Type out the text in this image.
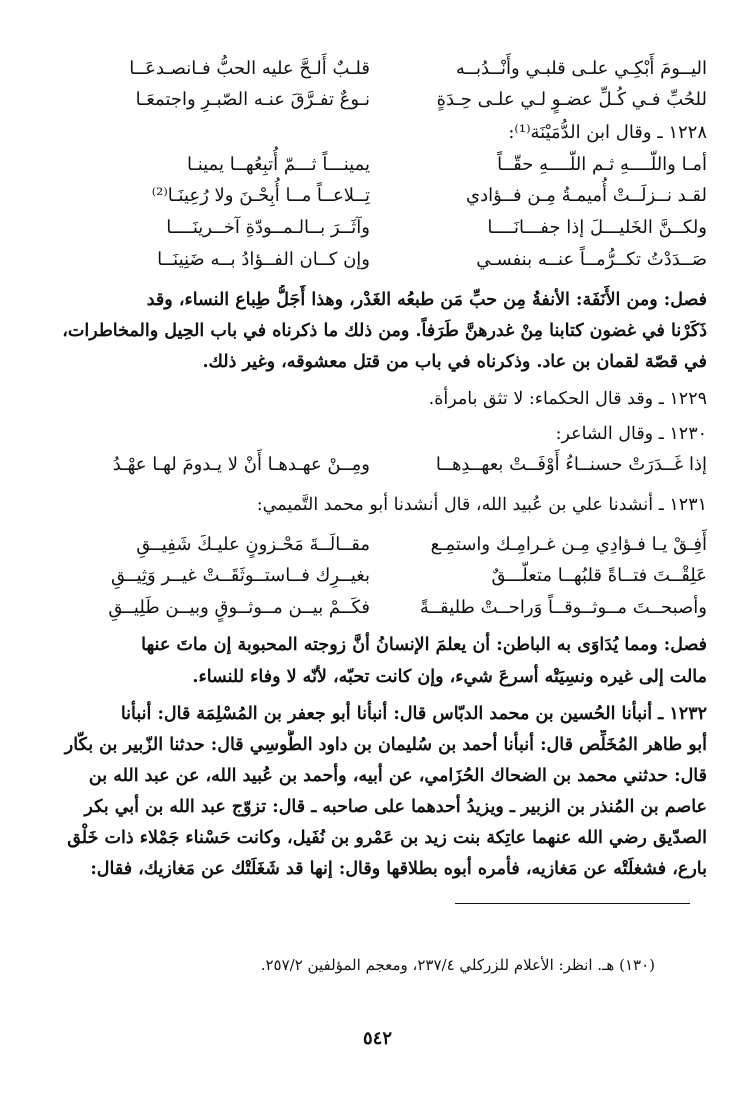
اليــومَ أَبْكِـي علـى قلبـي وأَنْــدُبــه
قلـبٌ أَلـحَّ عليه الحبُّ فـانصـدعَــا
للحُبِّ فـي كُـلِّ عضـوٍ لـي علـى حِـدَةٍ
نـوعٌ تفـرَّقَ عنـه الصّبـرِ واجتمعَـا
١٢٢٨ ـ وقال ابن الدُّمَيْنَة⁽¹⁾:
أمـا واللّــــهِ ثـم اللّــــهِ حقّــاً
يمينـــاً ثـــمّ أُتبِعُهــا يمينـا
لقـد نــزلَــتْ أُميمـةُ مِـن فــؤادي
تِــلاعــاً مــا أُبِحْـنَ ولا رُعِينَـا⁽²⁾
ولكــنَّ الخَليـــلَ إذا جفـــانَــــا
وآثَــرَ بــالـمــودّةِ آخــرينَــــا
صَــدَدْتُ تكــرُّمــاً عنــه بنفسـي
وإن كــان الفــؤادُ بــه ضَنِينَــا
فصل: ومن الأَنَفَة: الأنفةُ مِن حبِّ مَن طبعُه الغَدْر، وهذا أَجَلُّ طِباع النساء، وقد
ذَكَرْنا في غضون كتابنا مِنْ غدرهنَّ طَرَفاً. ومن ذلك ما ذكرناه في باب الحِيل والمخاطرات،
في قصّة لقمان بن عاد. وذكرناه في باب من قتل معشوقه، وغير ذلك.
١٢٢٩ ـ وقد قال الحكماء: لا تثق بامرأة.
١٢٣٠ ـ وقال الشاعر:
إذا غَــدَرَتْ حسنــاءُ أَوْفَــتْ بعهــدِهــا
ومِــنْ عهـدهـا أَنْ لا يـدومَ لهـا عهْـدُ
١٢٣١ ـ أنشدنا علي بن عُبيد الله، قال أنشدنا أبو محمد التَّميمي:
أَفِـقْ يـا فـؤادِي مِـن غـرامِـك واستمِـع
مقــالَــةَ مَحْـزونٍ عليـكَ شَفِيــقِ
عَلِقْــتَ فتــاةً قلبُهــا متعلّـــقٌ
بغيــرِك فــاستــوثَقَــتْ غيــر وَثِيــقِ
وأصبحــتَ مــوثــوقــاً وَراحــتْ طليقــةً
فكَــمْ بيــن مــوثــوقٍ وبيــن طَلِيــقِ
فصل: ومما يُدَاوَى به الباطن: أن يعلمَ الإنسانُ أنَّ زوجته المحبوبة إن ماتَ عنها
مالت إلى غيره ونسِيَتْه أسرعَ شيء، وإن كانت تحبّه، لأنّه لا وفاء للنساء.
١٢٣٢ ـ أنبأنا الحُسين بن محمد الدبّاس قال: أنبأنا أبو جعفر بن المُسْلِمَة قال: أنبأنا
أبو طاهر المُخَلِّص قال: أنبأنا أحمد بن سُليمان بن داود الطُّوسِي قال: حدثنا الزّبير بن بكّار
قال: حدثني محمد بن الضحاك الحُزَامي، عن أبيه، وأحمد بن عُبيد الله، عن عبد الله بن
عاصم بن المُنذر بن الزبير ـ ويزيدُ أحدهما على صاحبه ـ قال: تزوّج عبد الله بن أبي بكر
الصدّيق رضي الله عنهما عاتِكة بنت زيد بن عَمْرو بن نُفَيل، وكانت حَسْناء جَمْلاء ذات خَلْق
بارع، فشغلَتْه عن مَغازيه، فأمره أبوه بطلاقها وقال: إنها قد شَغَلَتْك عن مَغازيك، فقال:
(١٣٠) هـ. انظر: الأعلام للزركلي ٢٣٧/٤، ومعجم المؤلفين ٢٥٧/٢.
٥٤٢
